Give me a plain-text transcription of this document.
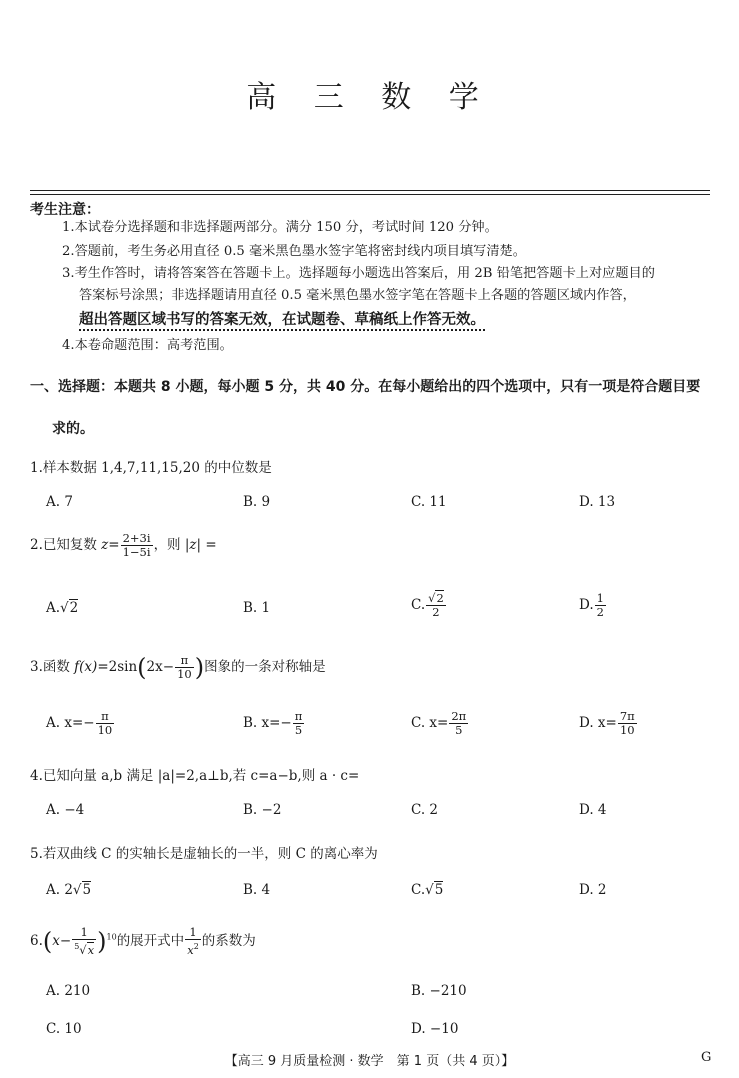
高 三 数 学
考生注意：
1.本试卷分选择题和非选择题两部分。满分 150 分，考试时间 120 分钟。
2.答题前，考生务必用直径 0.5 毫米黑色墨水签字笔将密封线内项目填写清楚。
3.考生作答时，请将答案答在答题卡上。选择题每小题选出答案后，用 2B 铅笔把答题卡上对应题目的
答案标号涂黑；非选择题请用直径 0.5 毫米黑色墨水签字笔在答题卡上各题的答题区域内作答，
超出答题区域书写的答案无效，在试题卷、草稿纸上作答无效。
4.本卷命题范围：高考范围。
一、选择题：本题共 8 小题，每小题 5 分，共 40 分。在每小题给出的四个选项中，只有一项是符合题目要
求的。
1.样本数据 1,4,7,11,15,20 的中位数是
A. 7	B. 9	C. 11	D. 13
2.已知复数 $z= \frac{2+3i}{1-5i}$ ，则 |z| =
A.√2	B. 1	C. $\frac{√2}{2}$	D. $\frac{1}{2}$
3.函数 $f(x)=2\sin(2x- \frac{\pi}{10}$ )图象的一条对称轴是
A. $x=- \frac{\pi}{10}$	B. $x=- \frac{\pi}{5}$	C. $x= \frac{2\pi}{5}$	D. $x= \frac{7\pi}{10}$
4.已知向量 a,b 满足 |a|=2,a⊥b,若 c=a−b,则 a · c=
A. −4	B. −2	C. 2	D. 4
5.若双曲线 C 的实轴长是虚轴长的一半，则 C 的离心率为
A. 2√5	B. 4	C.√5	D. 2
$6.(x- \frac{1}{^5√x} )^{10}$的展开式中 $\frac{1}{x^2}$ 的系数为
A. 210	B. −210
C. 10	D. −10
【高三 9 月质量检测 · 数学　第 1 页（共 4 页）】	G
